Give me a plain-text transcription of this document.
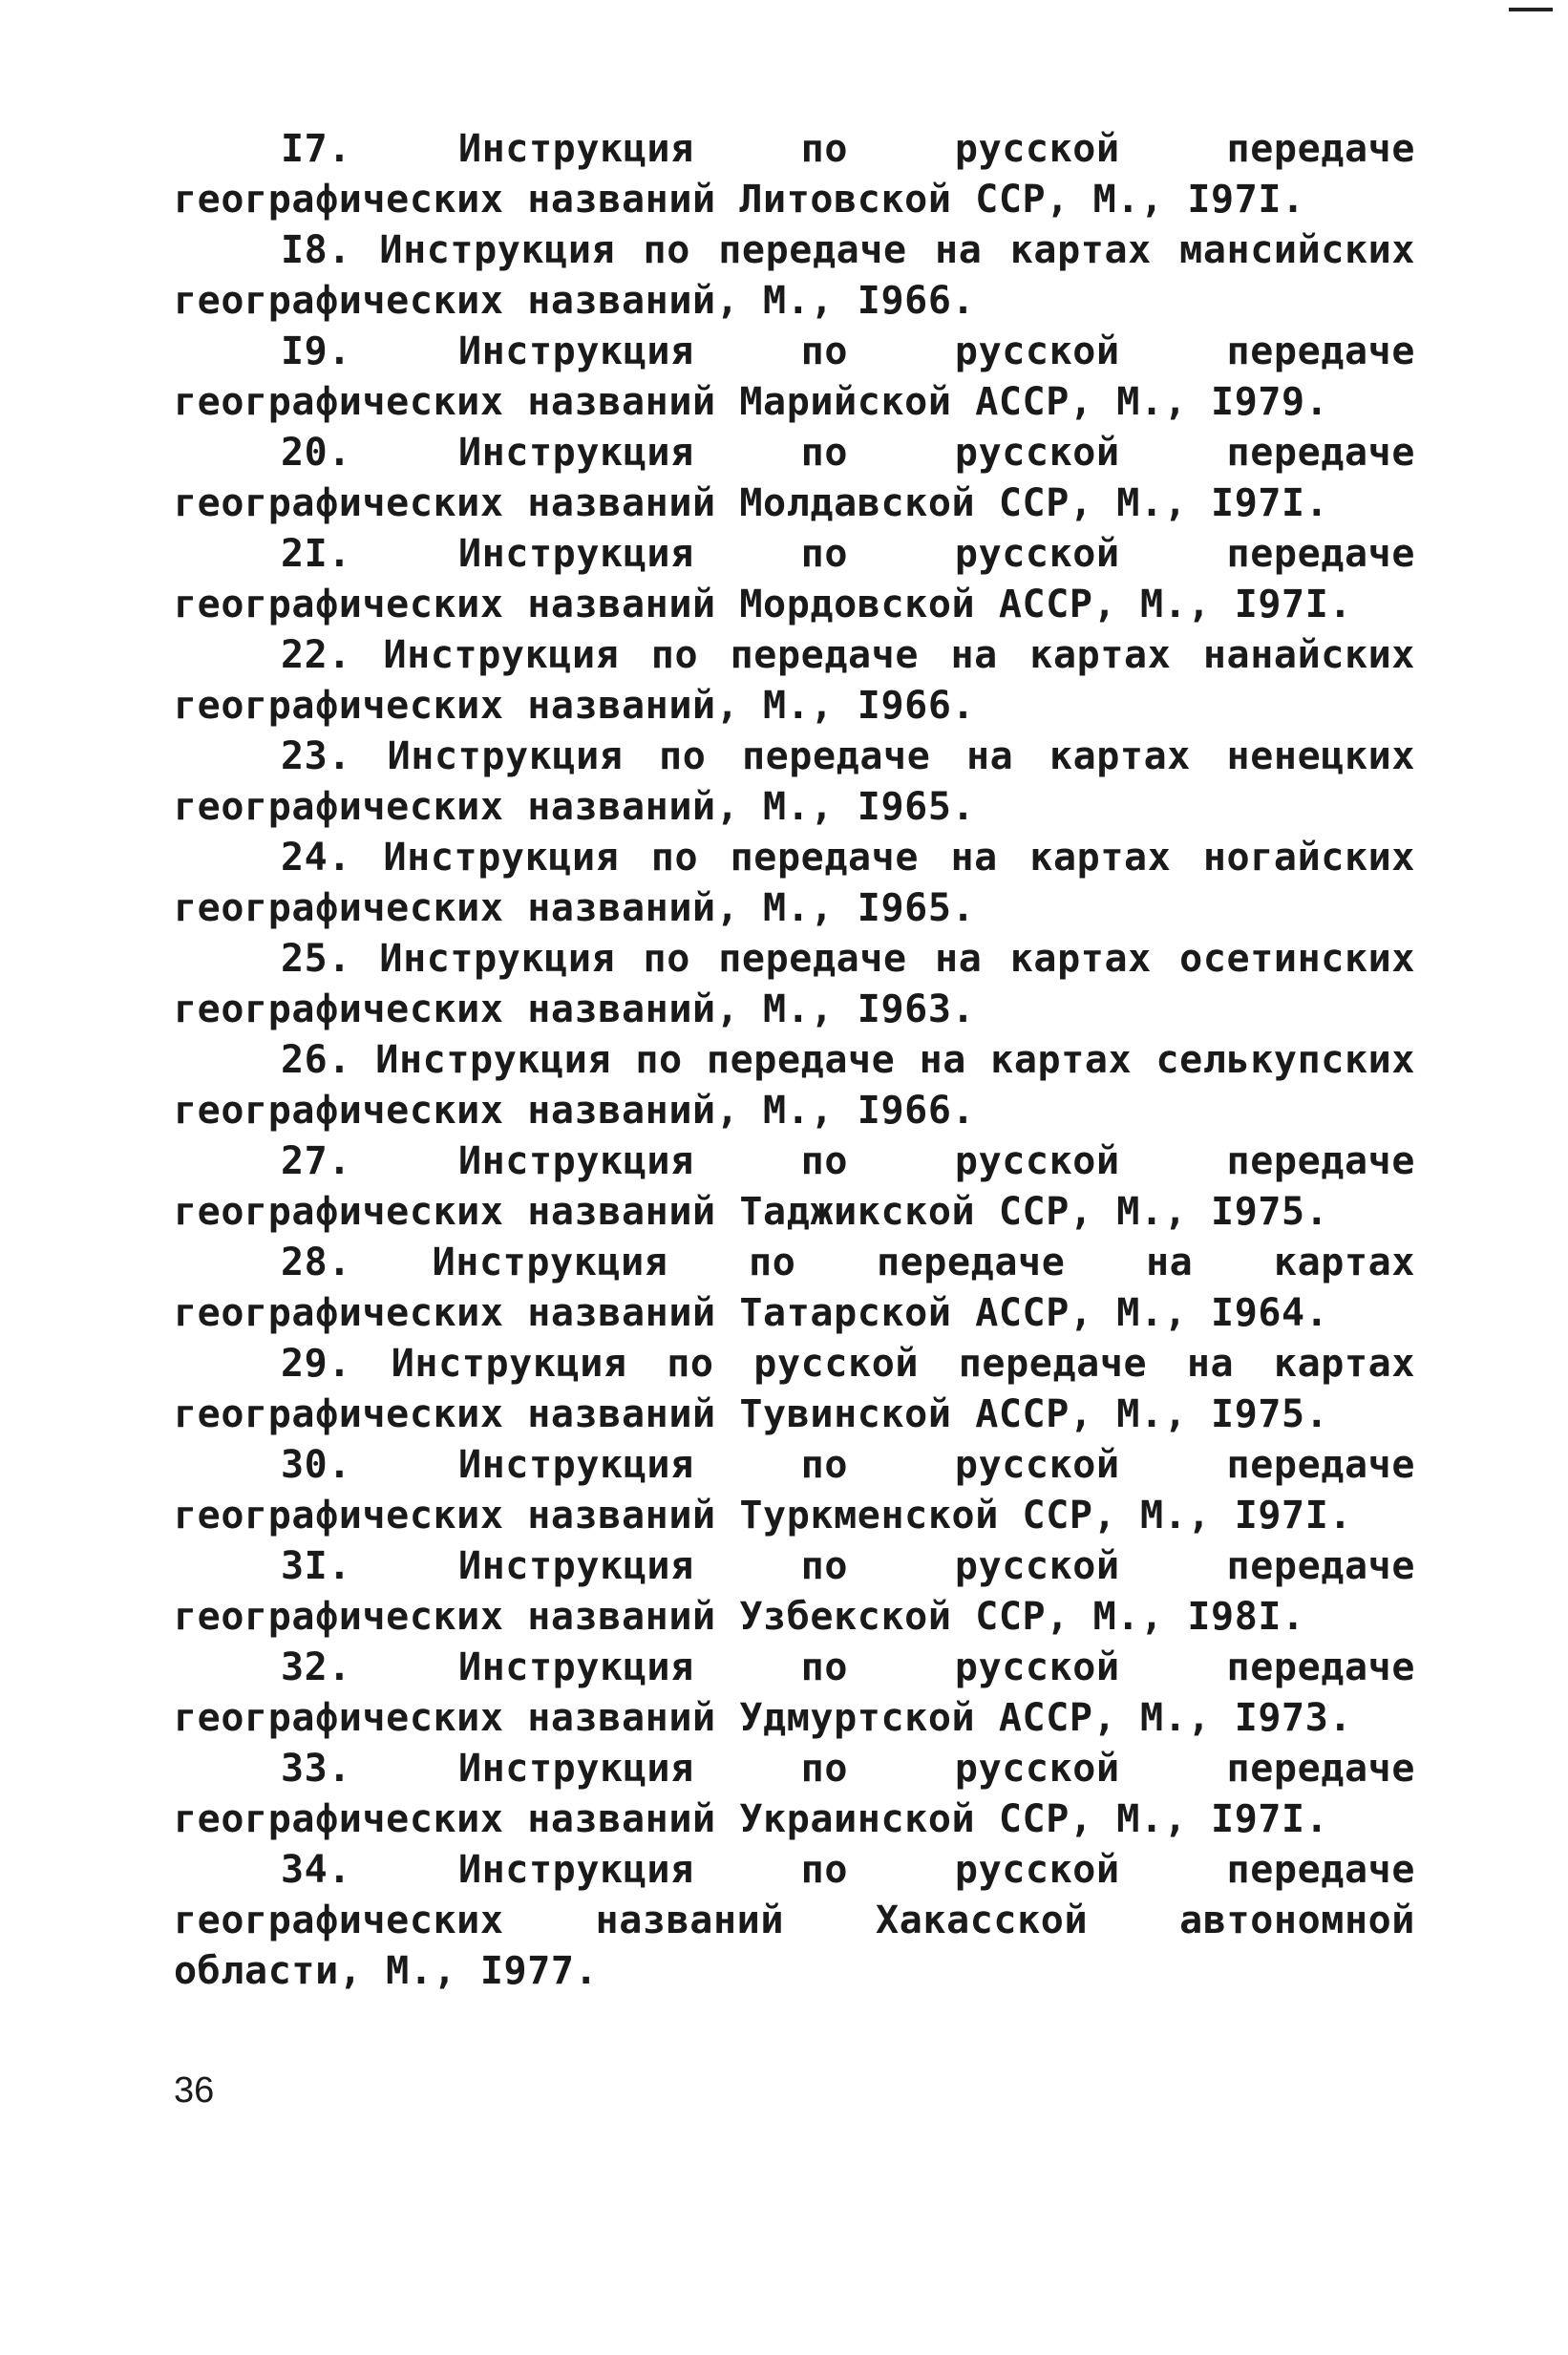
I7.	Инструкция по русской передаче географических названий Литовской ССР, М., I97I.

I8. Инструкция по передаче на картах мансийских географических названий, М., I966.

I9.	Инструкция по русской передаче географических названий Марийской АССР, М., I979.

20.	Инструкция по русской передаче географических названий Молдавской ССР, М., I97I.

2I.	Инструкция по русской передаче географических названий Мордовской АССР, М., I97I.

22. Инструкция по передаче на картах нанайских географических названий, М., I966.

23. Инструкция по передаче на картах ненецких географических названий, М., I965.

24. Инструкция по передаче на картах ногайских географических названий, М., I965.

25. Инструкция по передаче на картах осетинских географических названий, М., I963.

26. Инструкция по передаче на картах селькупских географических названий, М., I966.

27.	Инструкция по русской передаче географических названий Таджикской ССР, М., I975.

28. Инструкция по передаче на картах географических названий Татарской АССР, М., I964.

29. Инструкция по русской передаче на картах географических названий Тувинской АССР, М., I975.

30.	Инструкция по русской передаче географических названий Туркменской ССР, М., I97I.

3I.	Инструкция по русской передаче географических названий Узбекской ССР, М., I98I.

32.	Инструкция по русской передаче географических названий Удмуртской АССР, М., I973.

33.	Инструкция по русской передаче географических названий Украинской ССР, М., I97I.

34.	Инструкция по русской передаче географических названий Хакасской автономной области, М., I977.

36
